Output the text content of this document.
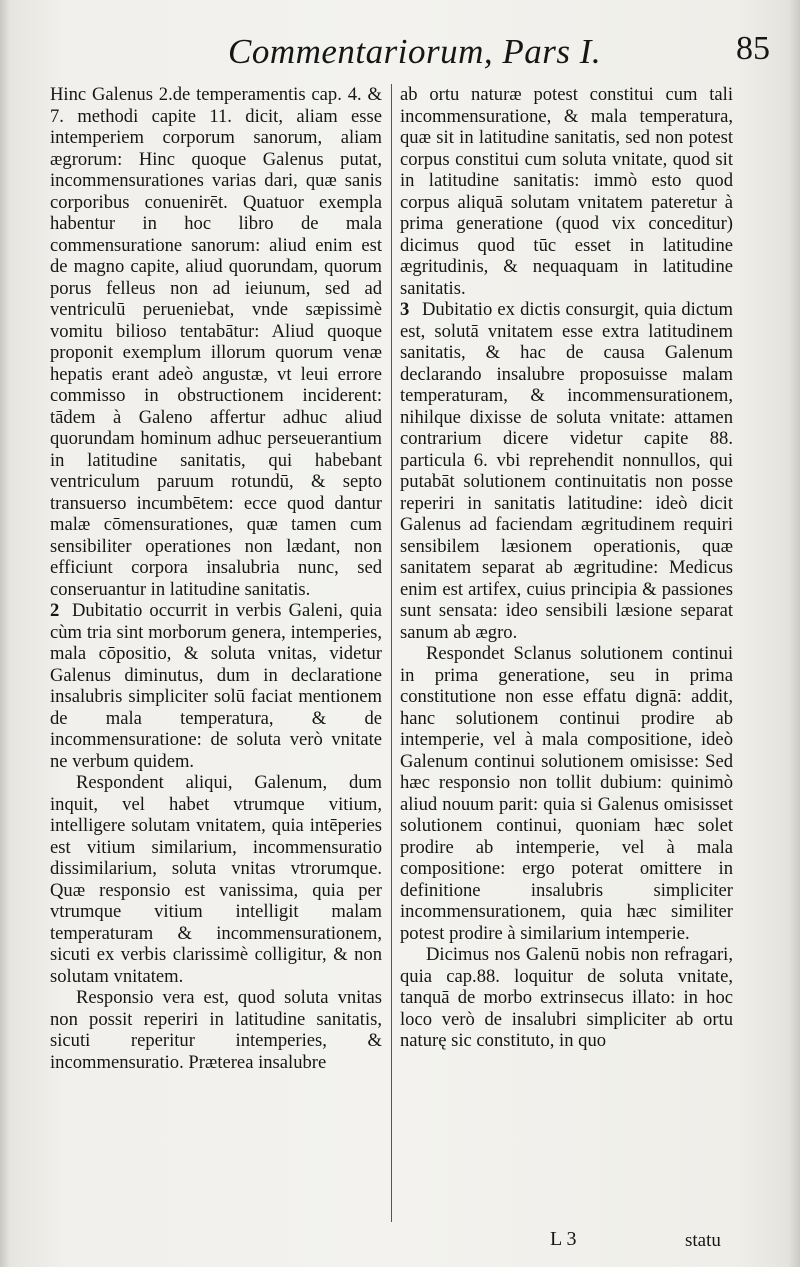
Commentariorum, Pars I.	85

Hinc Galenus 2.de temperamentis cap. 4. & 7. methodi capite 11. dicit, aliam esse intemperiem corporum sanorum, aliam ægrorum: Hinc quoque Galenus putat, incommensurationes varias dari, quæ sanis corporibus conuenirēt. Quatuor exempla habentur in hoc libro de mala commensuratione sanorum: aliud enim est de magno capite, aliud quorundam, quorum porus felleus non ad ieiunum, sed ad ventriculū perueniebat, vnde sæpissimè vomitu bilioso tentabātur: Aliud quoque proponit exemplum illorum quorum venæ hepatis erant adeò angustæ, vt leui errore commisso in obstructionem inciderent: tādem à Galeno affertur adhuc aliud quorundam hominum adhuc perseuerantium in latitudine sanitatis, qui habebant ventriculum paruum rotundū, & septo transuerso incumbētem: ecce quod dantur malæ cōmensurationes, quæ tamen cum sensibiliter operationes non lædant, non efficiunt corpora insalubria nunc, sed conseruantur in latitudine sanitatis.

2 Dubitatio occurrit in verbis Galeni, quia cùm tria sint morborum genera, intemperies, mala cōpositio, & soluta vnitas, videtur Galenus diminutus, dum in declaratione insalubris simpliciter solū faciat mentionem de mala temperatura, & de incommensuratione: de soluta verò vnitate ne verbum quidem.

Respondent aliqui, Galenum, dum inquit, vel habet vtrumque vitium, intelligere solutam vnitatem, quia intēperies est vitium similarium, incommensuratio dissimilarium, soluta vnitas vtrorumque. Quæ responsio est vanissima, quia per vtrumque vitium intelligit malam temperaturam & incommensurationem, sicuti ex verbis clarissimè colligitur, & non solutam vnitatem.

Responsio vera est, quod soluta vnitas non possit reperiri in latitudine sanitatis, sicuti reperitur intemperies, & incommensuratio. Præterea insalubre

ab ortu naturæ potest constitui cum tali incommensuratione, & mala temperatura, quæ sit in latitudine sanitatis, sed non potest corpus constitui cum soluta vnitate, quod sit in latitudine sanitatis: immò esto quod corpus aliquā solutam vnitatem pateretur à prima generatione (quod vix conceditur) dicimus quod tūc esset in latitudine ægritudinis, & nequaquam in latitudine sanitatis.

3 Dubitatio ex dictis consurgit, quia dictum est, solutā vnitatem esse extra latitudinem sanitatis, & hac de causa Galenum declarando insalubre proposuisse malam temperaturam, & incommensurationem, nihilque dixisse de soluta vnitate: attamen contrarium dicere videtur capite 88. particula 6. vbi reprehendit nonnullos, qui putabāt solutionem continuitatis non posse reperiri in sanitatis latitudine: ideò dicit Galenus ad faciendam ægritudinem requiri sensibilem læsionem operationis, quæ sanitatem separat ab ægritudine: Medicus enim est artifex, cuius principia & passiones sunt sensata: ideo sensibili læsione separat sanum ab ægro.

Respondet Sclanus solutionem continui in prima generatione, seu in prima constitutione non esse effatu dignā: addit, hanc solutionem continui prodire ab intemperie, vel à mala compositione, ideò Galenum continui solutionem omisisse: Sed hæc responsio non tollit dubium: quinimò aliud nouum parit: quia si Galenus omisisset solutionem continui, quoniam hæc solet prodire ab intemperie, vel à mala compositione: ergo poterat omittere in definitione insalubris simpliciter incommensurationem, quia hæc similiter potest prodire à similarium intemperie.

Dicimus nos Galenū nobis non refragari, quia cap.88. loquitur de soluta vnitate, tanquā de morbo extrinsecus illato: in hoc loco verò de insalubri simpliciter ab ortu naturę sic constituto, in quo

L 3	statu
